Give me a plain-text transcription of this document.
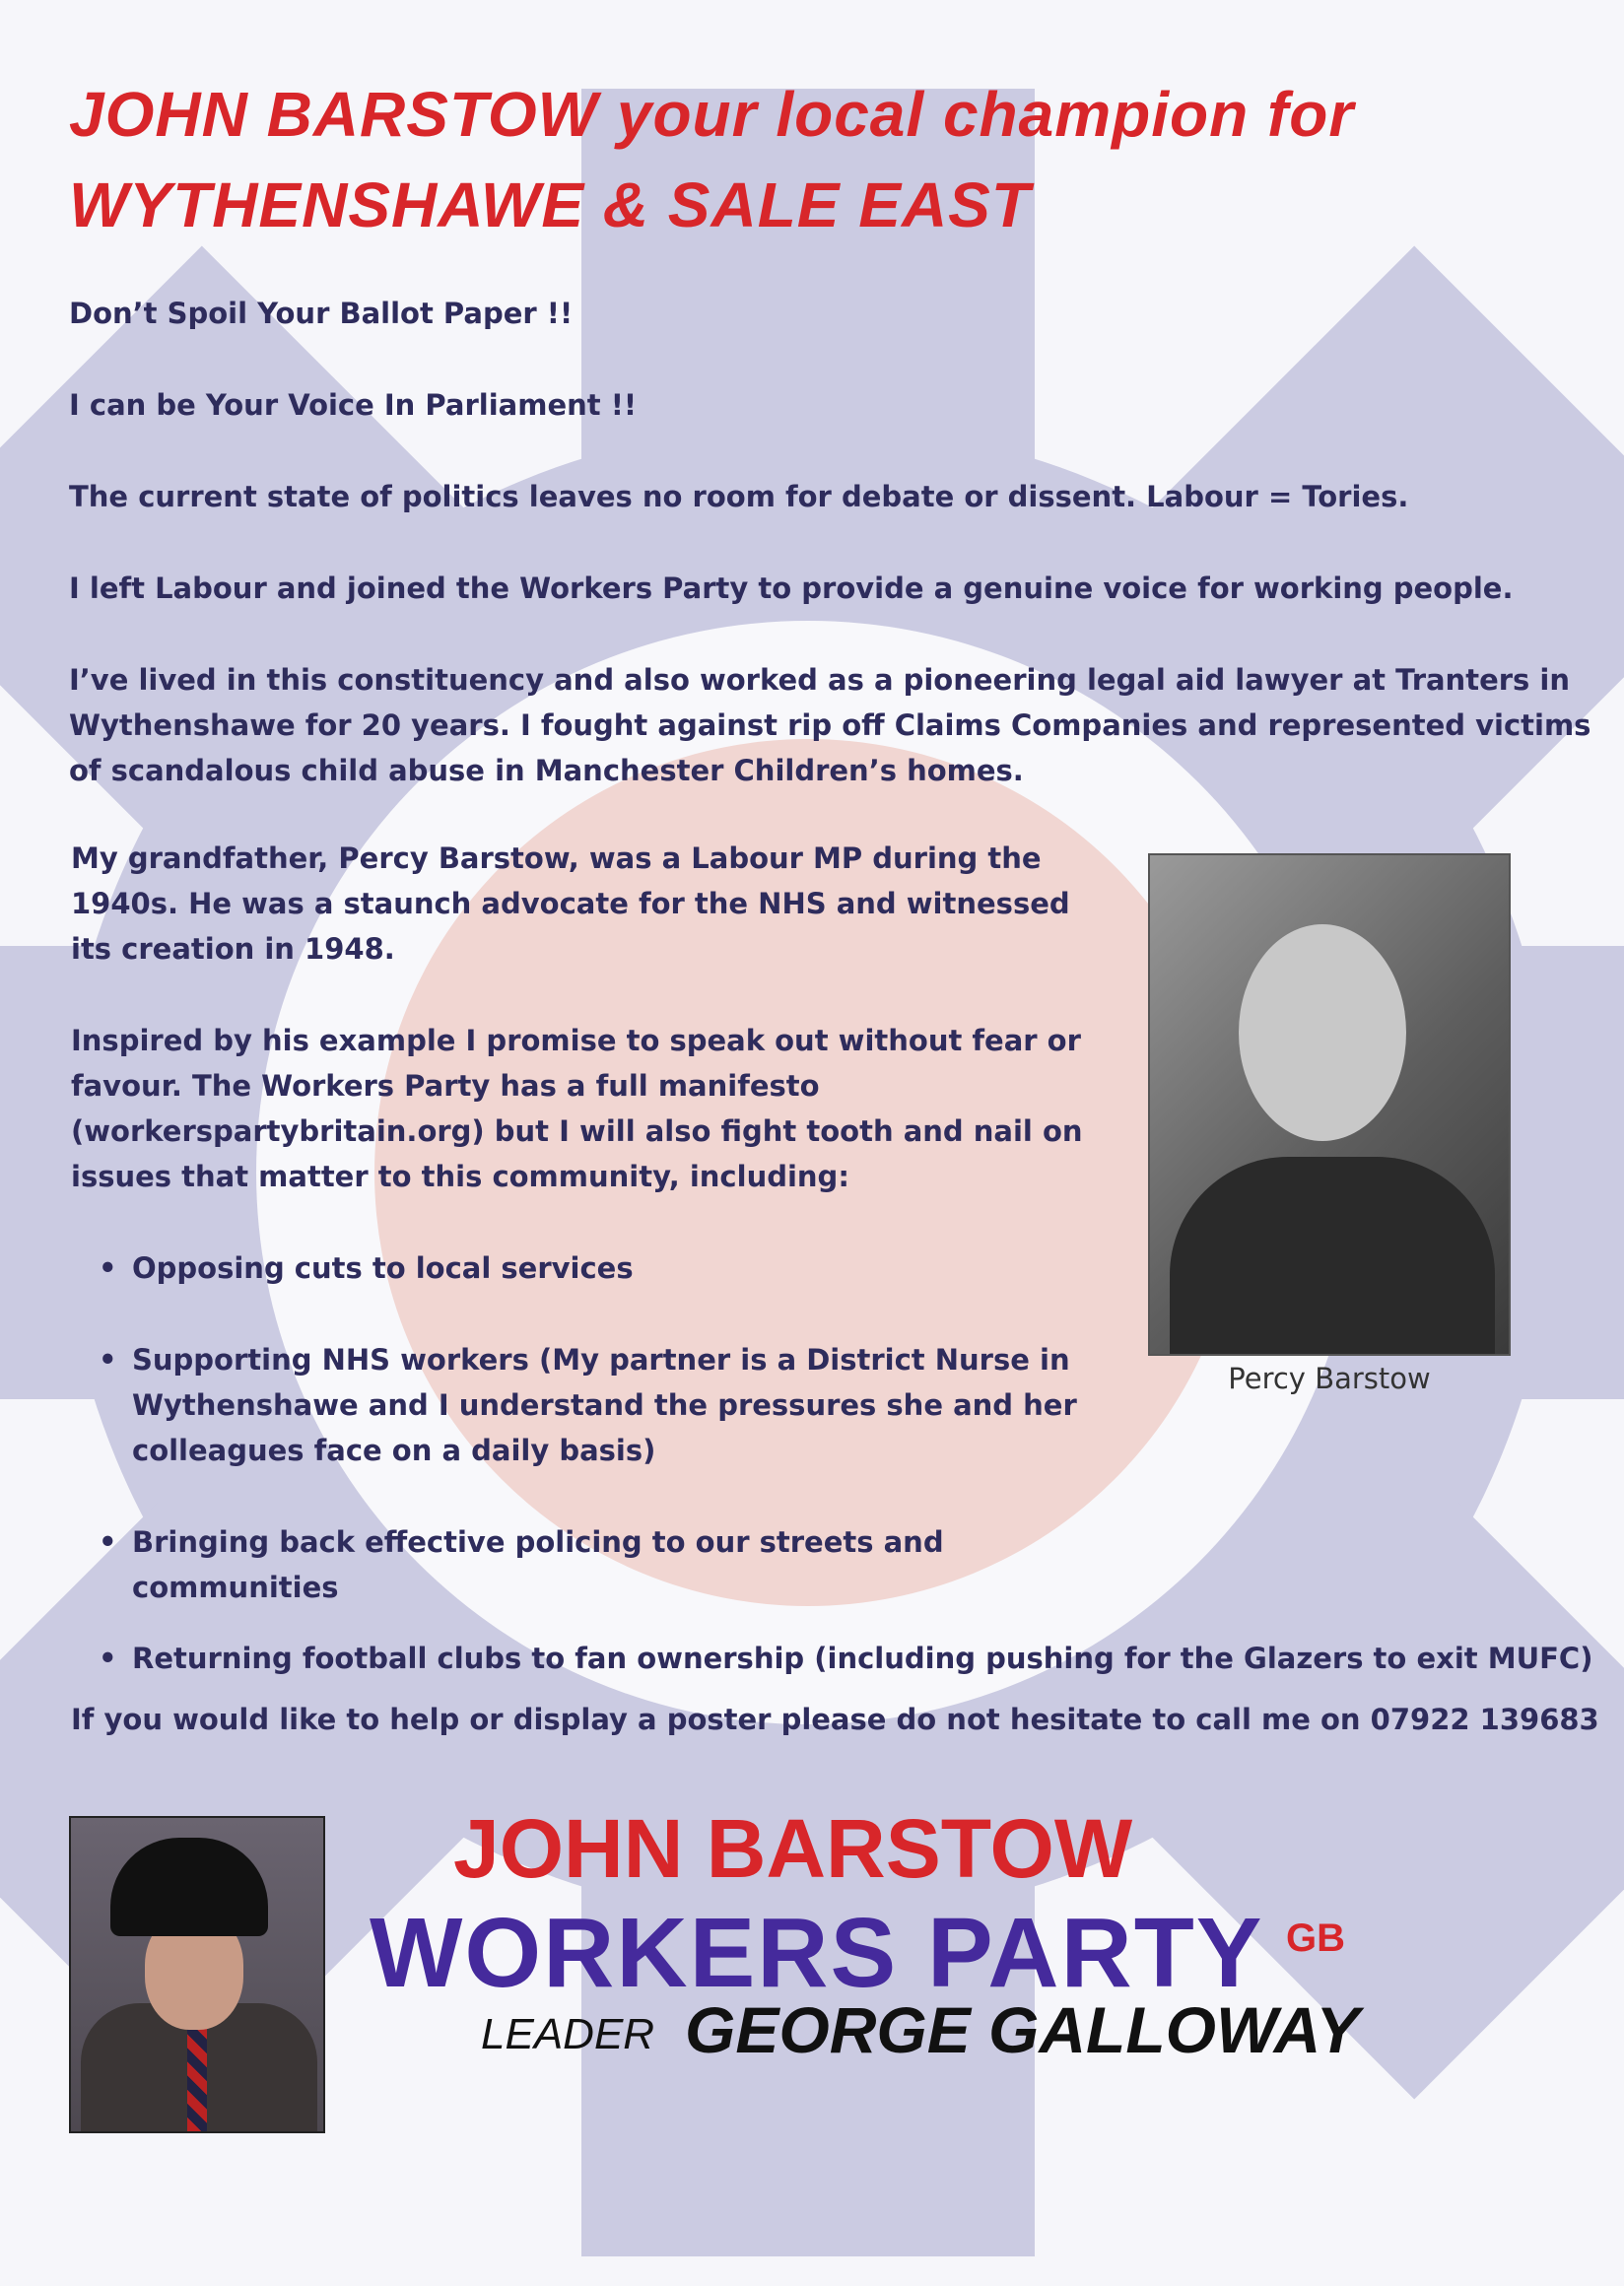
JOHN BARSTOW your local champion for
WYTHENSHAWE & SALE EAST

Don’t Spoil Your Ballot Paper !!

I can be Your Voice In Parliament !!

The current state of politics leaves no room for debate or dissent. Labour = Tories.

I left Labour and joined the Workers Party to provide a genuine voice for working people.

I’ve lived in this constituency and also worked as a pioneering legal aid lawyer at Tranters in Wythenshawe for 20 years. I fought against rip off Claims Companies and represented victims of scandalous child abuse in Manchester Children’s homes.

My grandfather, Percy Barstow, was a Labour MP during the 1940s. He was a staunch advocate for the NHS and witnessed its creation in 1948.

Inspired by his example I promise to speak out without fear or favour. The Workers Party has a full manifesto (workerspartybritain.org) but I will also fight tooth and nail on issues that matter to this community, including:

• Opposing cuts to local services
• Supporting NHS workers (My partner is a District Nurse in Wythenshawe and I understand the pressures she and her colleagues face on a daily basis)
• Bringing back effective policing to our streets and communities
• Returning football clubs to fan ownership (including pushing for the Glazers to exit MUFC)

If you would like to help or display a poster please do not hesitate to call me on 07922 139683

Percy Barstow
JOHN BARSTOW
WORKERS PARTY GB
LEADER GEORGE GALLOWAY
